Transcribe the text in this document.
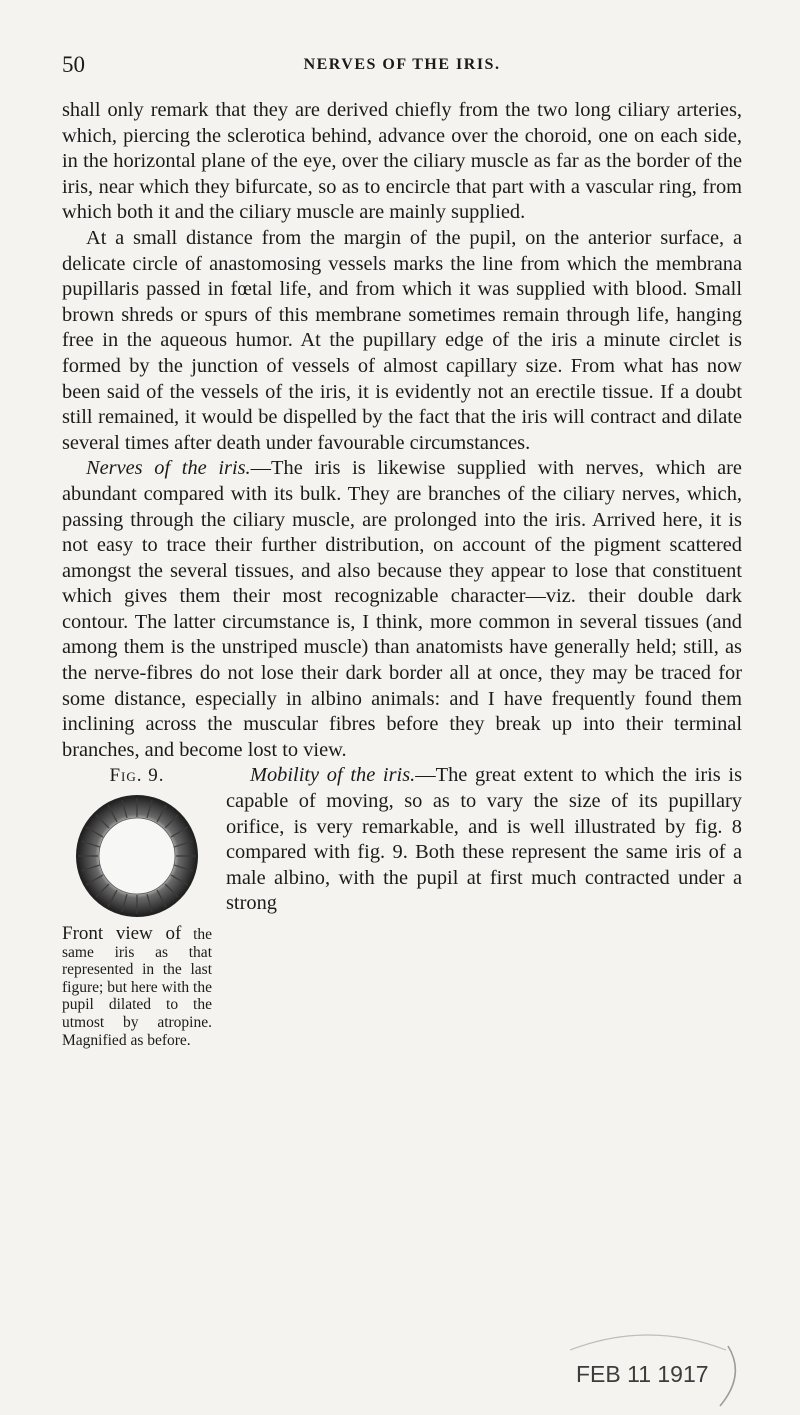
50	NERVES OF THE IRIS.

shall only remark that they are derived chiefly from the two long ciliary arteries, which, piercing the sclerotica behind, advance over the choroid, one on each side, in the horizontal plane of the eye, over the ciliary muscle as far as the border of the iris, near which they bifurcate, so as to encircle that part with a vascular ring, from which both it and the ciliary muscle are mainly supplied.

At a small distance from the margin of the pupil, on the anterior surface, a delicate circle of anastomosing vessels marks the line from which the membrana pupillaris passed in fœtal life, and from which it was supplied with blood. Small brown shreds or spurs of this membrane sometimes remain through life, hanging free in the aqueous humor. At the pupillary edge of the iris a minute circlet is formed by the junction of vessels of almost capillary size. From what has now been said of the vessels of the iris, it is evidently not an erectile tissue. If a doubt still remained, it would be dispelled by the fact that the iris will contract and dilate several times after death under favourable circumstances.

Nerves of the iris.—The iris is likewise supplied with nerves, which are abundant compared with its bulk. They are branches of the ciliary nerves, which, passing through the ciliary muscle, are prolonged into the iris. Arrived here, it is not easy to trace their further distribution, on account of the pigment scattered amongst the several tissues, and also because they appear to lose that constituent which gives them their most recognizable character—viz. their double dark contour. The latter circumstance is, I think, more common in several tissues (and among them is the unstriped muscle) than anatomists have generally held; still, as the nerve-fibres do not lose their dark border all at once, they may be traced for some distance, especially in albino animals: and I have frequently found them inclining across the muscular fibres before they break up into their terminal branches, and become lost to view.

Fig. 9.
Front view of the same iris as that represented in the last figure; but here with the pupil dilated to the utmost by atropine. Magnified as before.

Mobility of the iris.—The great extent to which the iris is capable of moving, so as to vary the size of its pupillary orifice, is very remarkable, and is well illustrated by fig. 8 compared with fig. 9. Both these represent the same iris of a male albino, with the pupil at first much contracted under a strong

FEB 11 1917
